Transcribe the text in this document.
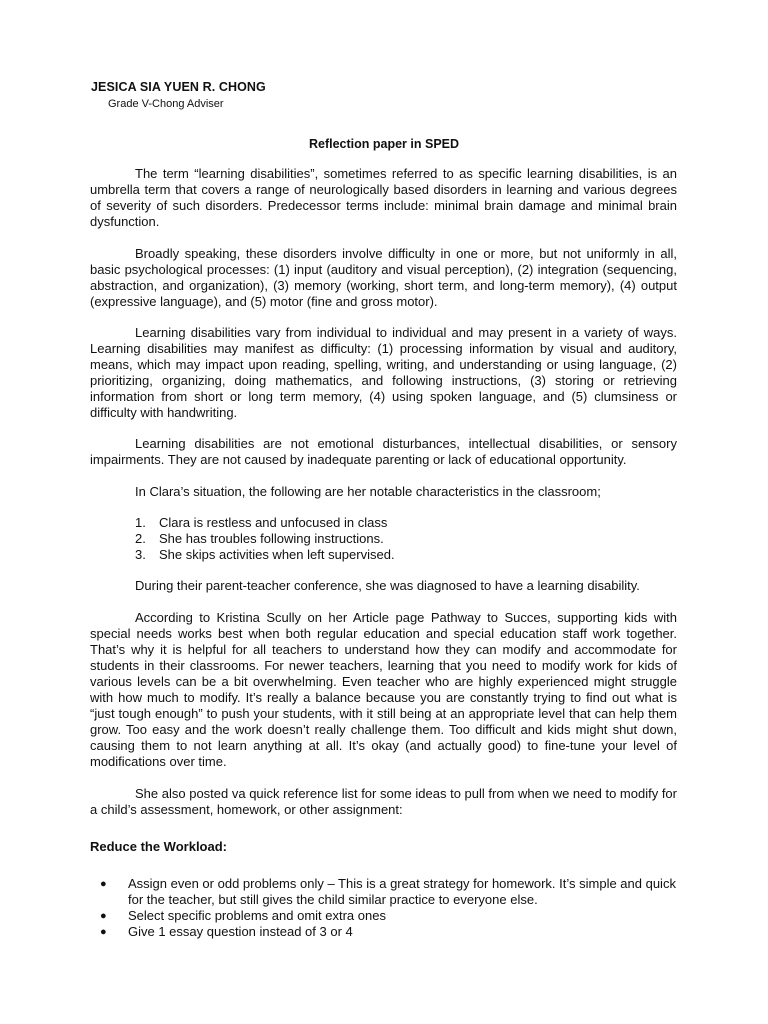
JESICA SIA YUEN R. CHONG
Grade V-Chong Adviser
Reflection paper in SPED

The term “learning disabilities”, sometimes referred to as specific learning disabilities, is an umbrella term that covers a range of neurologically based disorders in learning and various degrees of severity of such disorders. Predecessor terms include: minimal brain damage and minimal brain dysfunction.

Broadly speaking, these disorders involve difficulty in one or more, but not uniformly in all, basic psychological processes: (1) input (auditory and visual perception), (2) integration (sequencing, abstraction, and organization), (3) memory (working, short term, and long-term memory), (4) output (expressive language), and (5) motor (fine and gross motor).

Learning disabilities vary from individual to individual and may present in a variety of ways. Learning disabilities may manifest as difficulty: (1) processing information by visual and auditory, means, which may impact upon reading, spelling, writing, and understanding or using language, (2) prioritizing, organizing, doing mathematics, and following instructions, (3) storing or retrieving information from short or long term memory, (4) using spoken language, and (5) clumsiness or difficulty with handwriting.

Learning disabilities are not emotional disturbances, intellectual disabilities, or sensory impairments. They are not caused by inadequate parenting or lack of educational opportunity.

In Clara’s situation, the following are her notable characteristics in the classroom;

1.	Clara is restless and unfocused in class
2.	She has troubles following instructions.
3.	She skips activities when left supervised.

During their parent-teacher conference, she was diagnosed to have a learning disability.

According to Kristina Scully on her Article page Pathway to Succes, supporting kids with special needs works best when both regular education and special education staff work together. That’s why it is helpful for all teachers to understand how they can modify and accommodate for students in their classrooms. For newer teachers, learning that you need to modify work for kids of various levels can be a bit overwhelming. Even teacher who are highly experienced might struggle with how much to modify. It’s really a balance because you are constantly trying to find out what is “just tough enough” to push your students, with it still being at an appropriate level that can help them grow. Too easy and the work doesn’t really challenge them. Too difficult and kids might shut down, causing them to not learn anything at all. It’s okay (and actually good) to fine-tune your level of modifications over time.

She also posted va quick reference list for some ideas to pull from when we need to modify for a child’s assessment, homework, or other assignment:

Reduce the Workload:

●	Assign even or odd problems only – This is a great strategy for homework. It’s simple and quick for the teacher, but still gives the child similar practice to everyone else.
●	Select specific problems and omit extra ones
●	Give 1 essay question instead of 3 or 4
